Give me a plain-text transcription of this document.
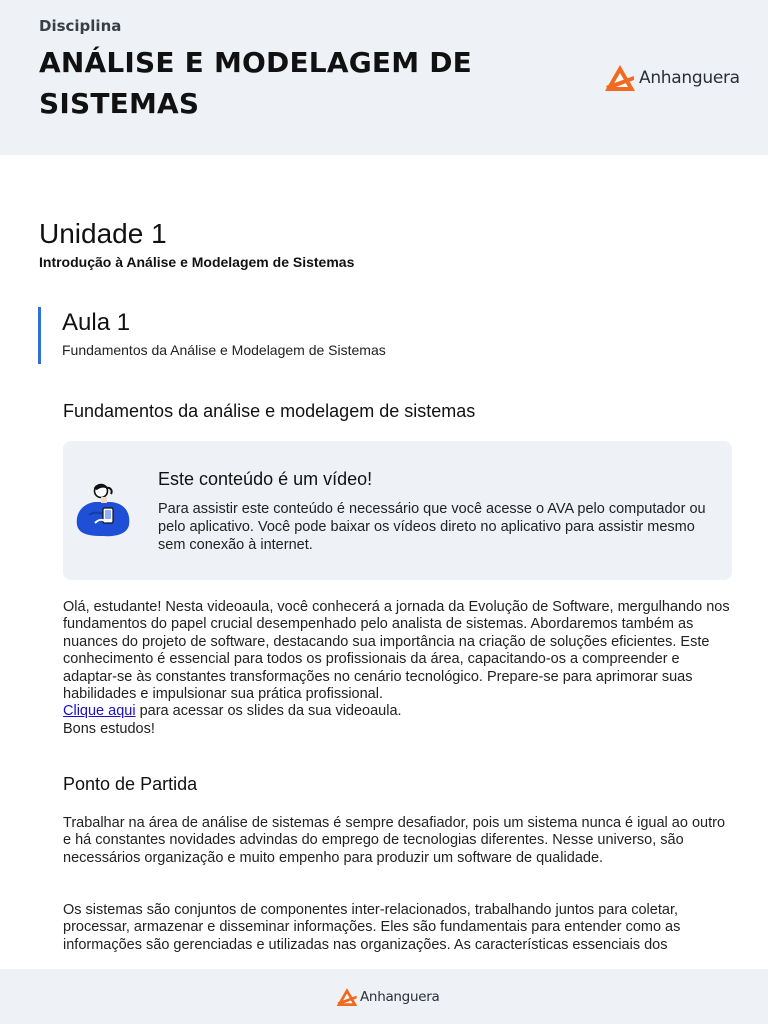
Disciplina
ANÁLISE E MODELAGEM DE SISTEMAS
Anhanguera
Unidade 1
Introdução à Análise e Modelagem de Sistemas
Aula 1
Fundamentos da Análise e Modelagem de Sistemas
Fundamentos da análise e modelagem de sistemas
Este conteúdo é um vídeo!
Para assistir este conteúdo é necessário que você acesse o AVA pelo computador ou pelo aplicativo. Você pode baixar os vídeos direto no aplicativo para assistir mesmo sem conexão à internet.
Olá, estudante! Nesta videoaula, você conhecerá a jornada da Evolução de Software, mergulhando nos fundamentos do papel crucial desempenhado pelo analista de sistemas. Abordaremos também as nuances do projeto de software, destacando sua importância na criação de soluções eficientes. Este conhecimento é essencial para todos os profissionais da área, capacitando-os a compreender e adaptar-se às constantes transformações no cenário tecnológico. Prepare-se para aprimorar suas habilidades e impulsionar sua prática profissional.
Clique aqui para acessar os slides da sua videoaula.
Bons estudos!
Ponto de Partida
Trabalhar na área de análise de sistemas é sempre desafiador, pois um sistema nunca é igual ao outro e há constantes novidades advindas do emprego de tecnologias diferentes. Nesse universo, são necessários organização e muito empenho para produzir um software de qualidade.
Os sistemas são conjuntos de componentes inter-relacionados, trabalhando juntos para coletar, processar, armazenar e disseminar informações. Eles são fundamentais para entender como as informações são gerenciadas e utilizadas nas organizações. As características essenciais dos
Anhanguera
